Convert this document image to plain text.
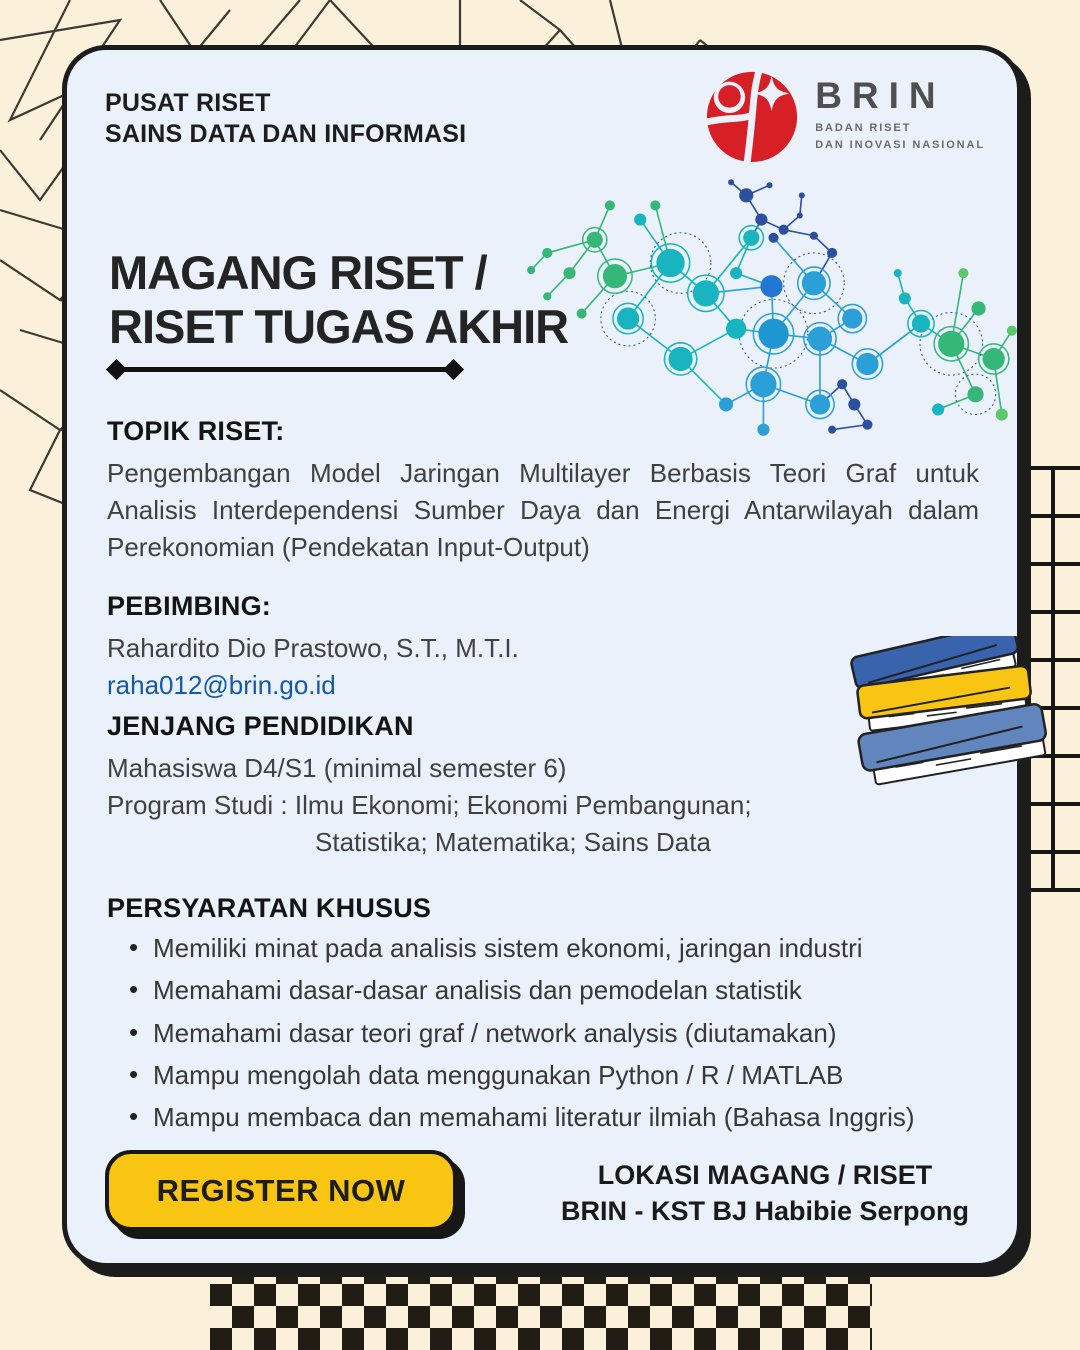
PUSAT RISET
SAINS DATA DAN INFORMASI
BRIN
BADAN RISET
DAN INOVASI NASIONAL
MAGANG RISET /
RISET TUGAS AKHIR
TOPIK RISET:
Pengembangan Model Jaringan Multilayer Berbasis Teori Graf untuk Analisis Interdependensi Sumber Daya dan Energi Antarwilayah dalam Perekonomian (Pendekatan Input-Output)
PEBIMBING:
Rahardito Dio Prastowo, S.T., M.T.I.
raha012@brin.go.id
JENJANG PENDIDIKAN
Mahasiswa D4/S1 (minimal semester 6)
Program Studi : Ilmu Ekonomi; Ekonomi Pembangunan;
Statistika; Matematika; Sains Data
PERSYARATAN KHUSUS
• Memiliki minat pada analisis sistem ekonomi, jaringan industri
• Memahami dasar-dasar analisis dan pemodelan statistik
• Memahami dasar teori graf / network analysis (diutamakan)
• Mampu mengolah data menggunakan Python / R / MATLAB
• Mampu membaca dan memahami literatur ilmiah (Bahasa Inggris)
REGISTER NOW	LOKASI MAGANG / RISET
BRIN - KST BJ Habibie Serpong
